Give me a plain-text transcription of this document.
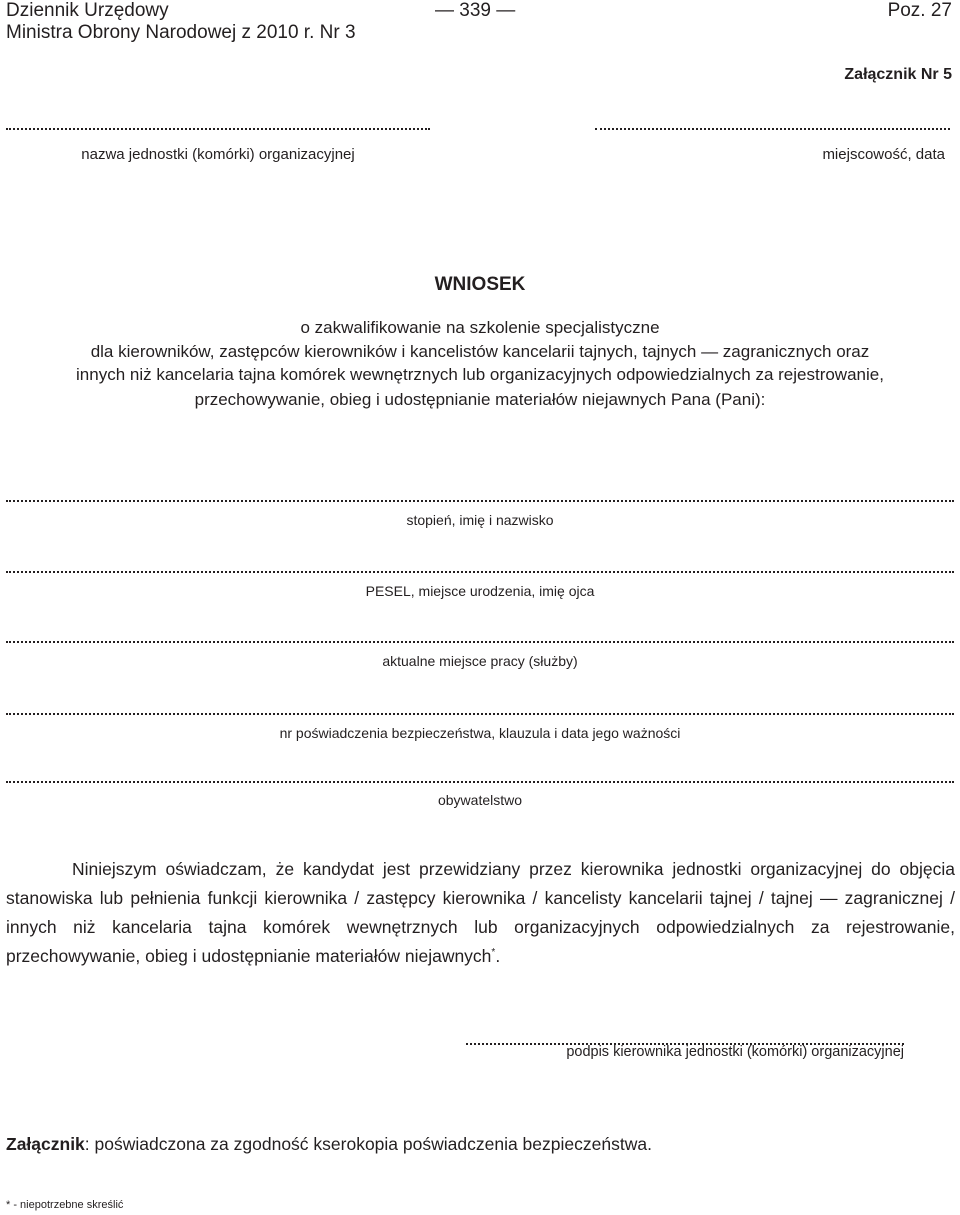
Dziennik Urzędowy
Ministra Obrony Narodowej z 2010 r. Nr 3
— 339 —	Poz. 27
Załącznik Nr 5
nazwa jednostki (komórki) organizacyjnej	miejscowość, data
WNIOSEK
o zakwalifikowanie na szkolenie specjalistyczne
dla kierowników, zastępców kierowników i kancelistów kancelarii tajnych, tajnych — zagranicznych oraz
innych niż kancelaria tajna komórek wewnętrznych lub organizacyjnych odpowiedzialnych za rejestrowanie,
przechowywanie, obieg i udostępnianie materiałów niejawnych Pana (Pani):
stopień, imię i nazwisko
PESEL, miejsce urodzenia, imię ojca
aktualne miejsce pracy (służby)
nr poświadczenia bezpieczeństwa, klauzula i data jego ważności
obywatelstwo

Niniejszym oświadczam, że kandydat jest przewidziany przez kierownika jednostki organizacyjnej do objęcia stanowiska lub pełnienia funkcji kierownika / zastępcy kierownika / kancelisty kancelarii tajnej / tajnej — zagranicznej / innych niż kancelaria tajna komórek wewnętrznych lub organizacyjnych odpowiedzialnych za rejestrowanie, przechowywanie, obieg i udostępnianie materiałów niejawnych*.

podpis kierownika jednostki (komórki) organizacyjnej
Załącznik: poświadczona za zgodność kserokopia poświadczenia bezpieczeństwa.
* - niepotrzebne skreślić
